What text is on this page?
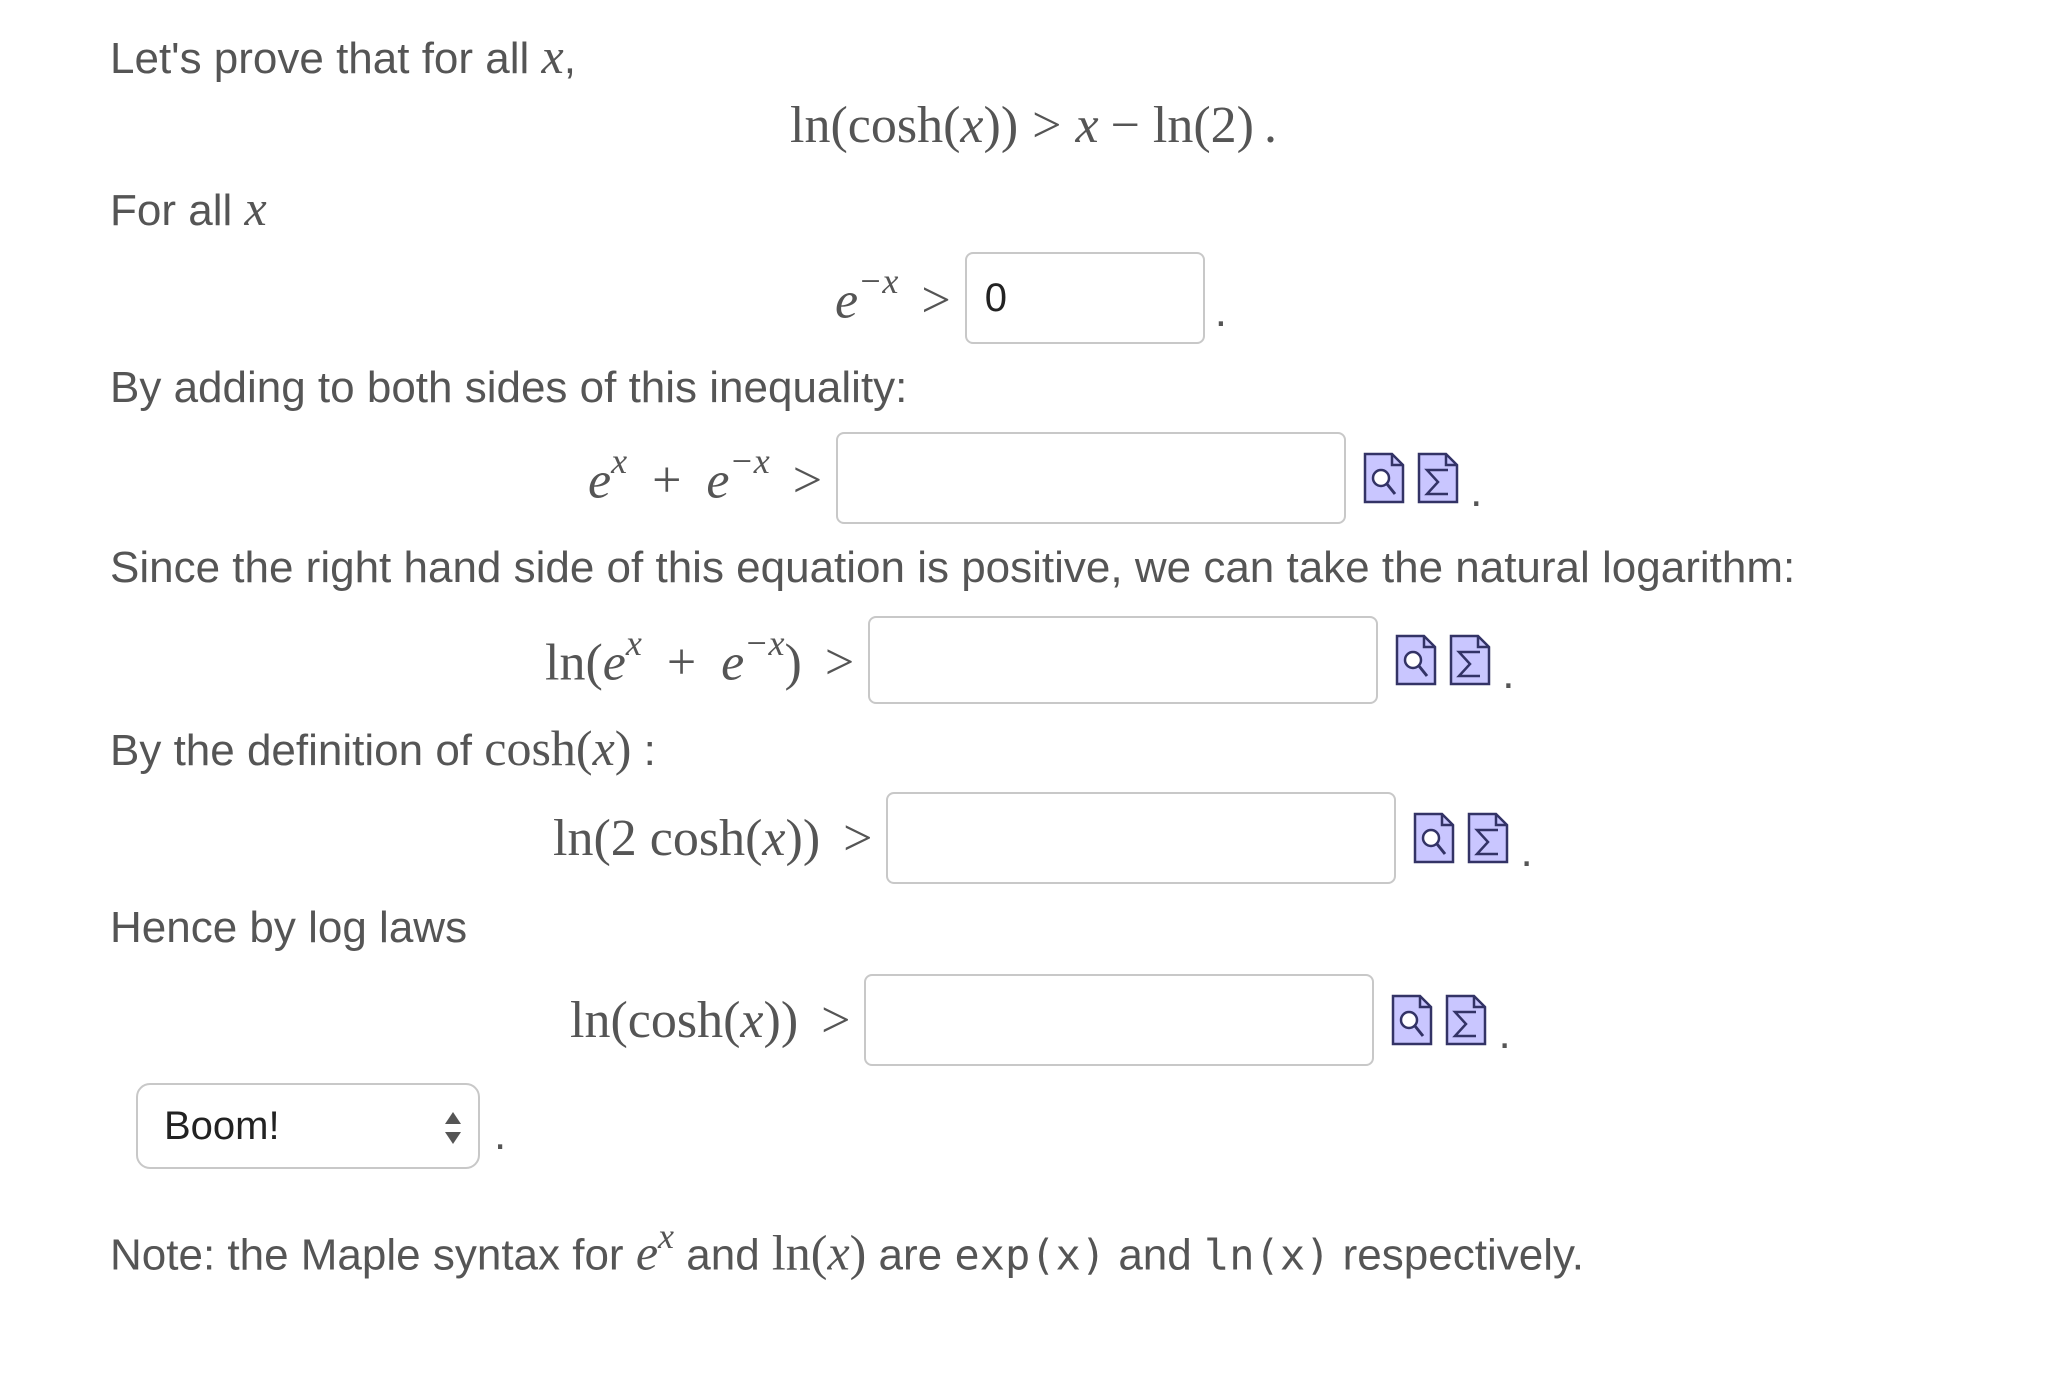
Let's prove that for all x,
ln(cosh( x )) > x − ln(2) .
For all x
$e^{-x}$ >
0	.
By adding to both sides of this inequality:
$e^x + e^{-x}$ >	.
Since the right hand side of this equation is positive, we can take the natural logarithm:
$\ln(e^x + e^{-x})$ >	.
By the definition of cosh(x) :
ln(2 cosh(x)) >	.
Hence by log laws
ln(cosh(x)) >	.
Boom!	.
Note: the Maple syntax for $e^x$ and ln(x) are exp(x) and ln(x) respectively.
